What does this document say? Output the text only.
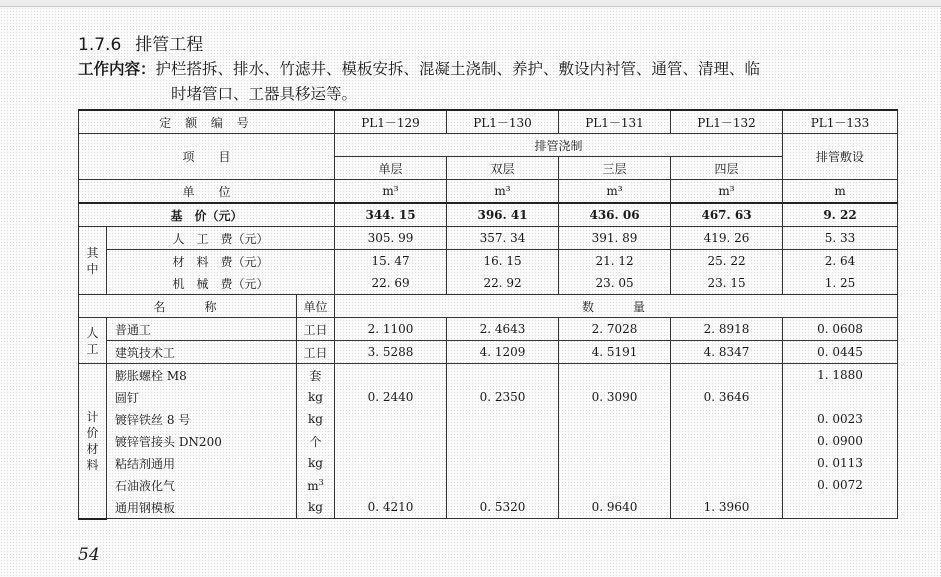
1.7.6 排管工程
工作内容：护栏搭拆、排水、竹滤井、模板安拆、混凝土浇制、养护、敷设内衬管、通管、清理、临
时堵管口、工器具移运等。
定 额 编 号			PL1－129	PL1－130	PL1－131	PL1－132	PL1－133
项　　目			排管浇制				排管敷设
			单层	双层	三层	四层	
单　　位			m³	m³	m³	m³	m
基　价（元）			344. 15	396. 41	436. 06	467. 63	9. 22
其中	人　工　费（元）		305. 99	357. 34	391. 89	419. 26	5. 33
	材　料　费（元）		15. 47	16. 15	21. 12	25. 22	2. 64
	机　械　费（元）		22. 69	22. 92	23. 05	23. 15	1. 25
名　　称		单位	数　　量				
人工	普通工	工日	2. 1100	2. 4643	2. 7028	2. 8918	0. 0608
	建筑技术工	工日	3. 5288	4. 1209	4. 5191	4. 8347	0. 0445
计价材料	膨胀螺栓 M8	套					1. 1880
	圆钉	kg	0. 2440	0. 2350	0. 3090	0. 3646	
	镀锌铁丝 8 号	kg					0. 0023
	镀锌管接头 DN200	个					0. 0900
	粘结剂通用	kg					0. 0113
	石油液化气	$m^3$					0. 0072
	通用钢模板	kg	0. 4210	0. 5320	0. 9640	1. 3960	
54
